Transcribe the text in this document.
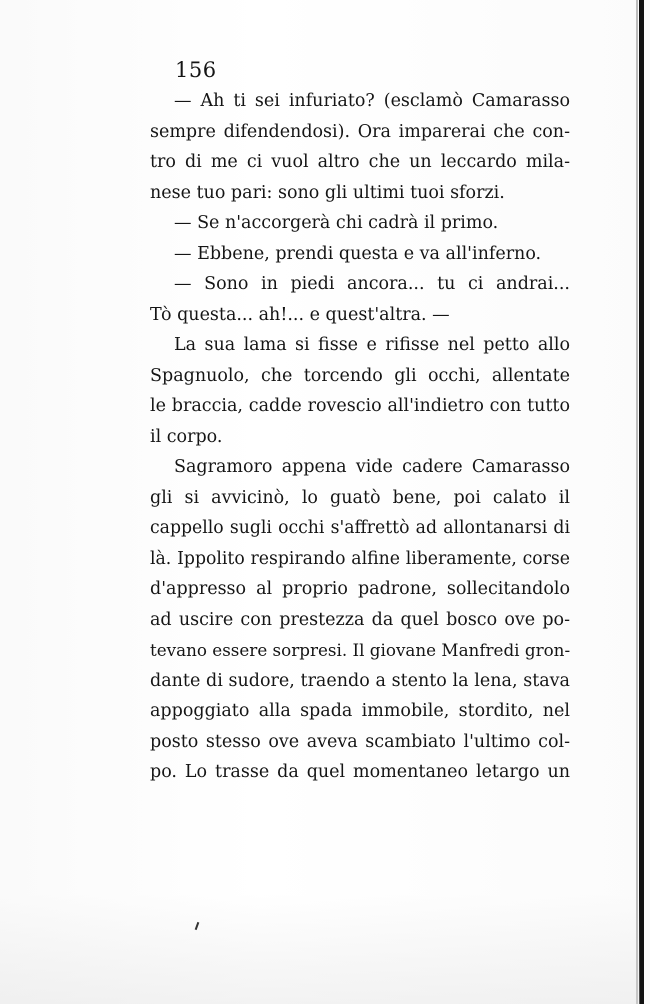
156
— Ah ti sei infuriato? (esclamò Camarasso
sempre difendendosi). Ora imparerai che con-
tro di me ci vuol altro che un leccardo mila-
nese tuo pari: sono gli ultimi tuoi sforzi.
— Se n'accorgerà chi cadrà il primo.
— Ebbene, prendi questa e va all'inferno.
— Sono in piedi ancora... tu ci andrai...
Tò questa... ah!... e quest'altra. —
La sua lama si fisse e rifisse nel petto allo
Spagnuolo, che torcendo gli occhi, allentate
le braccia, cadde rovescio all'indietro con tutto
il corpo.
Sagramoro appena vide cadere Camarasso
gli si avvicinò, lo guatò bene, poi calato il
cappello sugli occhi s'affrettò ad allontanarsi di
là. Ippolito respirando alfine liberamente, corse
d'appresso al proprio padrone, sollecitandolo
ad uscire con prestezza da quel bosco ove po-
tevano essere sorpresi. Il giovane Manfredi gron-
dante di sudore, traendo a stento la lena, stava
appoggiato alla spada immobile, stordito, nel
posto stesso ove aveva scambiato l'ultimo col-
po. Lo trasse da quel momentaneo letargo un
